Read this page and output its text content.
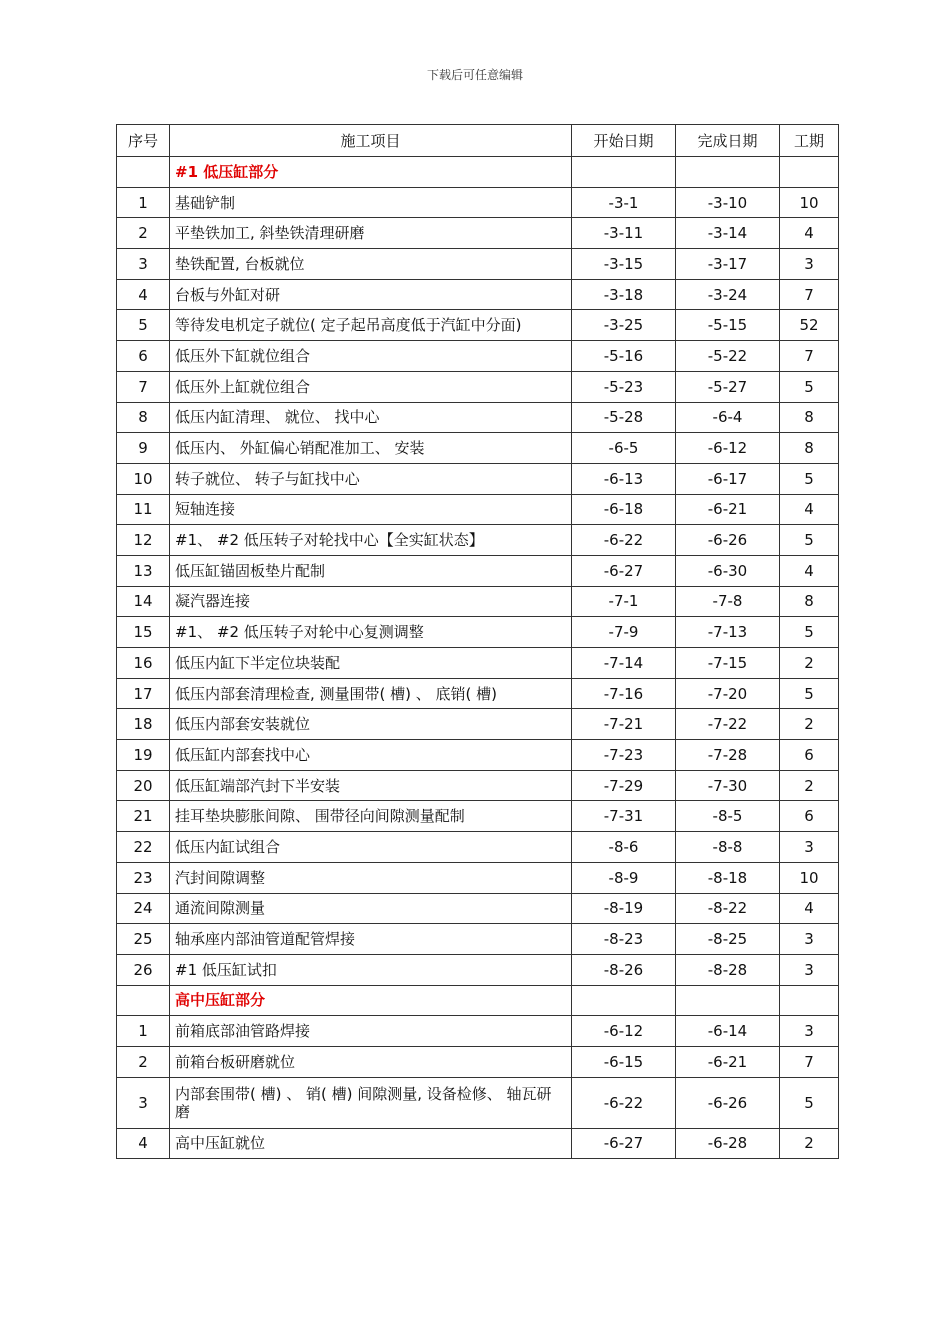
下载后可任意编辑
序号	施工项目	开始日期	完成日期	工期
	#1 低压缸部分			
1	基础铲制	-3-1	-3-10	10
2	平垫铁加工, 斜垫铁清理研磨	-3-11	-3-14	4
3	垫铁配置, 台板就位	-3-15	-3-17	3
4	台板与外缸对研	-3-18	-3-24	7
5	等待发电机定子就位( 定子起吊高度低于汽缸中分面)	-3-25	-5-15	52
6	低压外下缸就位组合	-5-16	-5-22	7
7	低压外上缸就位组合	-5-23	-5-27	5
8	低压内缸清理、 就位、 找中心	-5-28	-6-4	8
9	低压内、 外缸偏心销配准加工、 安装	-6-5	-6-12	8
10	转子就位、 转子与缸找中心	-6-13	-6-17	5
11	短轴连接	-6-18	-6-21	4
12	#1、 #2 低压转子对轮找中心【全实缸状态】	-6-22	-6-26	5
13	低压缸锚固板垫片配制	-6-27	-6-30	4
14	凝汽器连接	-7-1	-7-8	8
15	#1、 #2 低压转子对轮中心复测调整	-7-9	-7-13	5
16	低压内缸下半定位块装配	-7-14	-7-15	2
17	低压内部套清理检查, 测量围带( 槽) 、 底销( 槽)	-7-16	-7-20	5
18	低压内部套安装就位	-7-21	-7-22	2
19	低压缸内部套找中心	-7-23	-7-28	6
20	低压缸端部汽封下半安装	-7-29	-7-30	2
21	挂耳垫块膨胀间隙、 围带径向间隙测量配制	-7-31	-8-5	6
22	低压内缸试组合	-8-6	-8-8	3
23	汽封间隙调整	-8-9	-8-18	10
24	通流间隙测量	-8-19	-8-22	4
25	轴承座内部油管道配管焊接	-8-23	-8-25	3
26	#1 低压缸试扣	-8-26	-8-28	3
	高中压缸部分			
1	前箱底部油管路焊接	-6-12	-6-14	3
2	前箱台板研磨就位	-6-15	-6-21	7
3	内部套围带( 槽) 、 销( 槽) 间隙测量, 设备检修、 轴瓦研磨	-6-22	-6-26	5
4	高中压缸就位	-6-27	-6-28	2
